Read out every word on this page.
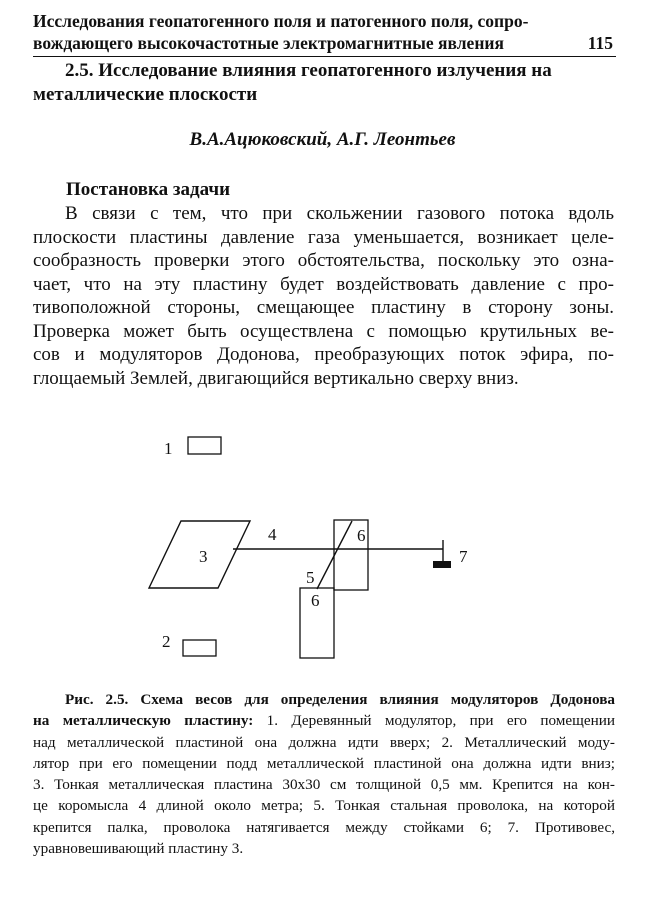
Исследования геопатогенного поля и патогенного поля, сопро-
вождающего высокочастотные электромагнитные явления	115
2.5. Исследование влияния геопатогенного излучения на металлические плоскости
В.А.Ацюковский, А.Г. Леонтьев
Постановка задачи
В связи с тем, что при скольжении газового потока вдоль
плоскости пластины давление газа уменьшается, возникает целе-
сообразность проверки этого обстоятельства, поскольку это озна-
чает, что на эту пластину будет воздействовать давление с про-
тивоположной стороны, смещающее пластину в сторону зоны.
Проверка может быть осуществлена с помощью крутильных ве-
сов и модуляторов Додонова, преобразующих поток эфира, по-
глощаемый Землей, двигающийся вертикально сверху вниз.
1
2
3
4	6
6
5
7
Рис. 2.5. Схема весов для определения влияния модуляторов Додонова
на металлическую пластину: 1. Деревянный модулятор, при его помещении
над металлической пластиной она должна идти вверх; 2. Металлический моду-
лятор при его помещении подд металлической пластиной она должна идти вниз;
3. Тонкая металлическая пластина 30х30 см толщиной 0,5 мм. Крепится на кон-
це коромысла 4 длиной около метра; 5. Тонкая стальная проволока, на которой
крепится палка, проволока натягивается между стойками 6; 7. Противовес,
уравновешивающий пластину 3.
